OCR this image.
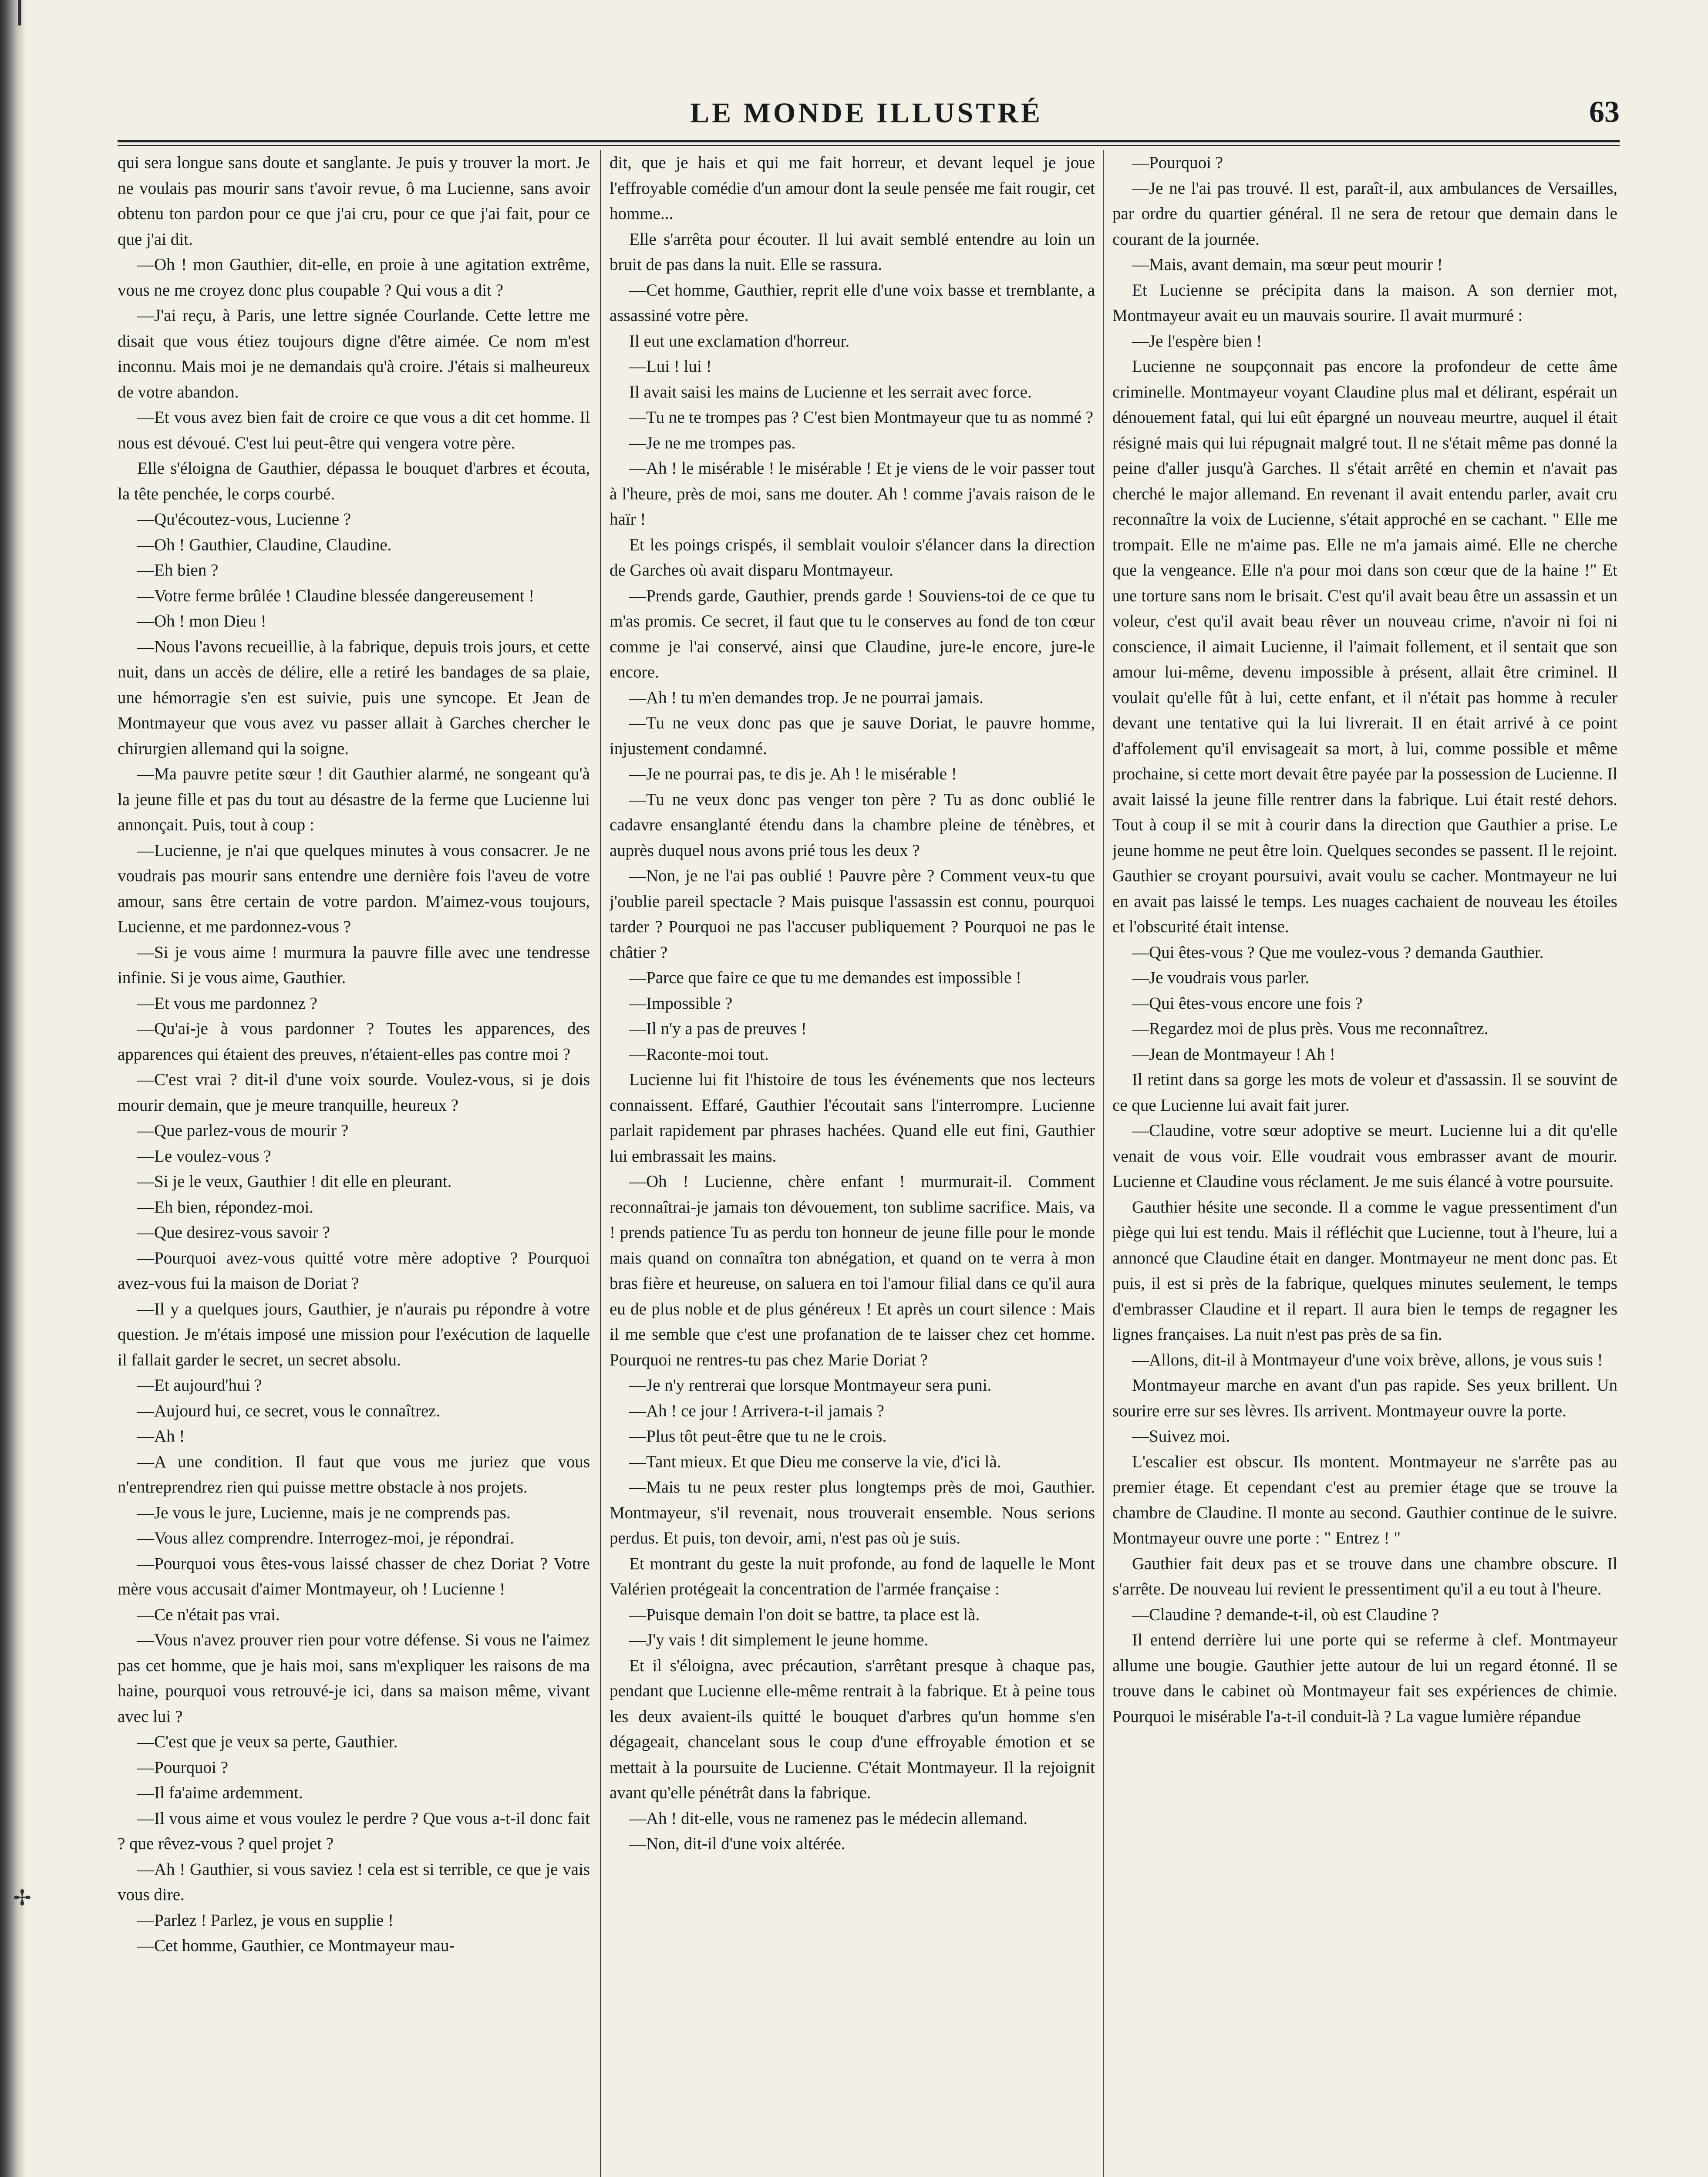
┃
✢
LE MONDE ILLUSTRÉ	63

qui sera longue sans doute et sanglante. Je puis y trouver la mort. Je ne voulais pas mourir sans t'avoir revue, ô ma Lucienne, sans avoir obtenu ton pardon pour ce que j'ai cru, pour ce que j'ai fait, pour ce que j'ai dit.

—Oh ! mon Gauthier, dit-elle, en proie à une agitation extrême, vous ne me croyez donc plus coupable ? Qui vous a dit ?

—J'ai reçu, à Paris, une lettre signée Courlande. Cette lettre me disait que vous étiez toujours digne d'être aimée. Ce nom m'est inconnu. Mais moi je ne demandais qu'à croire. J'étais si malheureux de votre abandon.

—Et vous avez bien fait de croire ce que vous a dit cet homme. Il nous est dévoué. C'est lui peut-être qui vengera votre père.

Elle s'éloigna de Gauthier, dépassa le bouquet d'arbres et écouta, la tête penchée, le corps courbé.

—Qu'écoutez-vous, Lucienne ?

—Oh ! Gauthier, Claudine, Claudine.

—Eh bien ?

—Votre ferme brûlée ! Claudine blessée dangereusement !

—Oh ! mon Dieu !

—Nous l'avons recueillie, à la fabrique, depuis trois jours, et cette nuit, dans un accès de délire, elle a retiré les bandages de sa plaie, une hémorragie s'en est suivie, puis une syncope. Et Jean de Montmayeur que vous avez vu passer allait à Garches chercher le chirurgien allemand qui la soigne.

—Ma pauvre petite sœur ! dit Gauthier alarmé, ne songeant qu'à la jeune fille et pas du tout au désastre de la ferme que Lucienne lui annonçait. Puis, tout à coup :

—Lucienne, je n'ai que quelques minutes à vous consacrer. Je ne voudrais pas mourir sans entendre une dernière fois l'aveu de votre amour, sans être certain de votre pardon. M'aimez-vous toujours, Lucienne, et me pardonnez-vous ?

—Si je vous aime ! murmura la pauvre fille avec une tendresse infinie. Si je vous aime, Gauthier.

—Et vous me pardonnez ?

—Qu'ai-je à vous pardonner ? Toutes les apparences, des apparences qui étaient des preuves, n'étaient-elles pas contre moi ?

—C'est vrai ? dit-il d'une voix sourde. Voulez-vous, si je dois mourir demain, que je meure tranquille, heureux ?

—Que parlez-vous de mourir ?

—Le voulez-vous ?

—Si je le veux, Gauthier ! dit elle en pleurant.

—Eh bien, répondez-moi.

—Que desirez-vous savoir ?

—Pourquoi avez-vous quitté votre mère adoptive ? Pourquoi avez-vous fui la maison de Doriat ?

—Il y a quelques jours, Gauthier, je n'aurais pu répondre à votre question. Je m'étais imposé une mission pour l'exécution de laquelle il fallait garder le secret, un secret absolu.

—Et aujourd'hui ?

—Aujourd hui, ce secret, vous le connaîtrez.

—Ah !

—A une condition. Il faut que vous me juriez que vous n'entreprendrez rien qui puisse mettre obstacle à nos projets.

—Je vous le jure, Lucienne, mais je ne comprends pas.

—Vous allez comprendre. Interrogez-moi, je répondrai.

—Pourquoi vous êtes-vous laissé chasser de chez Doriat ? Votre mère vous accusait d'aimer Montmayeur, oh ! Lucienne !

—Ce n'était pas vrai.

—Vous n'avez prouver rien pour votre défense. Si vous ne l'aimez pas cet homme, que je hais moi, sans m'expliquer les raisons de ma haine, pourquoi vous retrouvé-je ici, dans sa maison même, vivant avec lui ?

—C'est que je veux sa perte, Gauthier.

—Pourquoi ?

—Il fa'aime ardemment.

—Il vous aime et vous voulez le perdre ? Que vous a-t-il donc fait ? que rêvez-vous ? quel projet ?

—Ah ! Gauthier, si vous saviez ! cela est si terrible, ce que je vais vous dire.

—Parlez ! Parlez, je vous en supplie !

—Cet homme, Gauthier, ce Montmayeur mau-

dit, que je hais et qui me fait horreur, et devant lequel je joue l'effroyable comédie d'un amour dont la seule pensée me fait rougir, cet homme...

Elle s'arrêta pour écouter. Il lui avait semblé entendre au loin un bruit de pas dans la nuit. Elle se rassura.

—Cet homme, Gauthier, reprit elle d'une voix basse et tremblante, a assassiné votre père.

Il eut une exclamation d'horreur.

—Lui ! lui !

Il avait saisi les mains de Lucienne et les serrait avec force.

—Tu ne te trompes pas ? C'est bien Montmayeur que tu as nommé ?

—Je ne me trompes pas.

—Ah ! le misérable ! le misérable ! Et je viens de le voir passer tout à l'heure, près de moi, sans me douter. Ah ! comme j'avais raison de le haïr !

Et les poings crispés, il semblait vouloir s'élancer dans la direction de Garches où avait disparu Montmayeur.

—Prends garde, Gauthier, prends garde ! Souviens-toi de ce que tu m'as promis. Ce secret, il faut que tu le conserves au fond de ton cœur comme je l'ai conservé, ainsi que Claudine, jure-le encore, jure-le encore.

—Ah ! tu m'en demandes trop. Je ne pourrai jamais.

—Tu ne veux donc pas que je sauve Doriat, le pauvre homme, injustement condamné.

—Je ne pourrai pas, te dis je. Ah ! le misérable !

—Tu ne veux donc pas venger ton père ? Tu as donc oublié le cadavre ensanglanté étendu dans la chambre pleine de ténèbres, et auprès duquel nous avons prié tous les deux ?

—Non, je ne l'ai pas oublié ! Pauvre père ? Comment veux-tu que j'oublie pareil spectacle ? Mais puisque l'assassin est connu, pourquoi tarder ? Pourquoi ne pas l'accuser publiquement ? Pourquoi ne pas le châtier ?

—Parce que faire ce que tu me demandes est impossible !

—Impossible ?

—Il n'y a pas de preuves !

—Raconte-moi tout.

Lucienne lui fit l'histoire de tous les événements que nos lecteurs connaissent. Effaré, Gauthier l'écoutait sans l'interrompre. Lucienne parlait rapidement par phrases hachées. Quand elle eut fini, Gauthier lui embrassait les mains.

—Oh ! Lucienne, chère enfant ! murmurait-il. Comment reconnaîtrai-je jamais ton dévouement, ton sublime sacrifice. Mais, va ! prends patience Tu as perdu ton honneur de jeune fille pour le monde mais quand on connaîtra ton abnégation, et quand on te verra à mon bras fière et heureuse, on saluera en toi l'amour filial dans ce qu'il aura eu de plus noble et de plus généreux ! Et après un court silence : Mais il me semble que c'est une profanation de te laisser chez cet homme. Pourquoi ne rentres-tu pas chez Marie Doriat ?

—Je n'y rentrerai que lorsque Montmayeur sera puni.

—Ah ! ce jour ! Arrivera-t-il jamais ?

—Plus tôt peut-être que tu ne le crois.

—Tant mieux. Et que Dieu me conserve la vie, d'ici là.

—Mais tu ne peux rester plus longtemps près de moi, Gauthier. Montmayeur, s'il revenait, nous trouverait ensemble. Nous serions perdus. Et puis, ton devoir, ami, n'est pas où je suis.

Et montrant du geste la nuit profonde, au fond de laquelle le Mont Valérien protégeait la concentration de l'armée française :

—Puisque demain l'on doit se battre, ta place est là.

—J'y vais ! dit simplement le jeune homme.

Et il s'éloigna, avec précaution, s'arrêtant presque à chaque pas, pendant que Lucienne elle-même rentrait à la fabrique. Et à peine tous les deux avaient-ils quitté le bouquet d'arbres qu'un homme s'en dégageait, chancelant sous le coup d'une effroyable émotion et se mettait à la poursuite de Lucienne. C'était Montmayeur. Il la rejoignit avant qu'elle pénétrât dans la fabrique.

—Ah ! dit-elle, vous ne ramenez pas le médecin allemand.

—Non, dit-il d'une voix altérée.

—Pourquoi ?

—Je ne l'ai pas trouvé. Il est, paraît-il, aux ambulances de Versailles, par ordre du quartier général. Il ne sera de retour que demain dans le courant de la journée.

—Mais, avant demain, ma sœur peut mourir !

Et Lucienne se précipita dans la maison. A son dernier mot, Montmayeur avait eu un mauvais sourire. Il avait murmuré :

—Je l'espère bien !

Lucienne ne soupçonnait pas encore la profondeur de cette âme criminelle. Montmayeur voyant Claudine plus mal et délirant, espérait un dénouement fatal, qui lui eût épargné un nouveau meurtre, auquel il était résigné mais qui lui répugnait malgré tout. Il ne s'était même pas donné la peine d'aller jusqu'à Garches. Il s'était arrêté en chemin et n'avait pas cherché le major allemand. En revenant il avait entendu parler, avait cru reconnaître la voix de Lucienne, s'était approché en se cachant. " Elle me trompait. Elle ne m'aime pas. Elle ne m'a jamais aimé. Elle ne cherche que la vengeance. Elle n'a pour moi dans son cœur que de la haine !" Et une torture sans nom le brisait. C'est qu'il avait beau être un assassin et un voleur, c'est qu'il avait beau rêver un nouveau crime, n'avoir ni foi ni conscience, il aimait Lucienne, il l'aimait follement, et il sentait que son amour lui-même, devenu impossible à présent, allait être criminel. Il voulait qu'elle fût à lui, cette enfant, et il n'était pas homme à reculer devant une tentative qui la lui livrerait. Il en était arrivé à ce point d'affolement qu'il envisageait sa mort, à lui, comme possible et même prochaine, si cette mort devait être payée par la possession de Lucienne. Il avait laissé la jeune fille rentrer dans la fabrique. Lui était resté dehors. Tout à coup il se mit à courir dans la direction que Gauthier a prise. Le jeune homme ne peut être loin. Quelques secondes se passent. Il le rejoint. Gauthier se croyant poursuivi, avait voulu se cacher. Montmayeur ne lui en avait pas laissé le temps. Les nuages cachaient de nouveau les étoiles et l'obscurité était intense.

—Qui êtes-vous ? Que me voulez-vous ? demanda Gauthier.

—Je voudrais vous parler.

—Qui êtes-vous encore une fois ?

—Regardez moi de plus près. Vous me reconnaîtrez.

—Jean de Montmayeur ! Ah !

Il retint dans sa gorge les mots de voleur et d'assassin. Il se souvint de ce que Lucienne lui avait fait jurer.

—Claudine, votre sœur adoptive se meurt. Lucienne lui a dit qu'elle venait de vous voir. Elle voudrait vous embrasser avant de mourir. Lucienne et Claudine vous réclament. Je me suis élancé à votre poursuite.

Gauthier hésite une seconde. Il a comme le vague pressentiment d'un piège qui lui est tendu. Mais il réfléchit que Lucienne, tout à l'heure, lui a annoncé que Claudine était en danger. Montmayeur ne ment donc pas. Et puis, il est si près de la fabrique, quelques minutes seulement, le temps d'embrasser Claudine et il repart. Il aura bien le temps de regagner les lignes françaises. La nuit n'est pas près de sa fin.

—Allons, dit-il à Montmayeur d'une voix brève, allons, je vous suis !

Montmayeur marche en avant d'un pas rapide. Ses yeux brillent. Un sourire erre sur ses lèvres. Ils arrivent. Montmayeur ouvre la porte.

—Suivez moi.

L'escalier est obscur. Ils montent. Montmayeur ne s'arrête pas au premier étage. Et cependant c'est au premier étage que se trouve la chambre de Claudine. Il monte au second. Gauthier continue de le suivre. Montmayeur ouvre une porte : " Entrez ! "

Gauthier fait deux pas et se trouve dans une chambre obscure. Il s'arrête. De nouveau lui revient le pressentiment qu'il a eu tout à l'heure.

—Claudine ? demande-t-il, où est Claudine ?

Il entend derrière lui une porte qui se referme à clef. Montmayeur allume une bougie. Gauthier jette autour de lui un regard étonné. Il se trouve dans le cabinet où Montmayeur fait ses expériences de chimie. Pourquoi le misérable l'a-t-il conduit-là ? La vague lumière répandue
